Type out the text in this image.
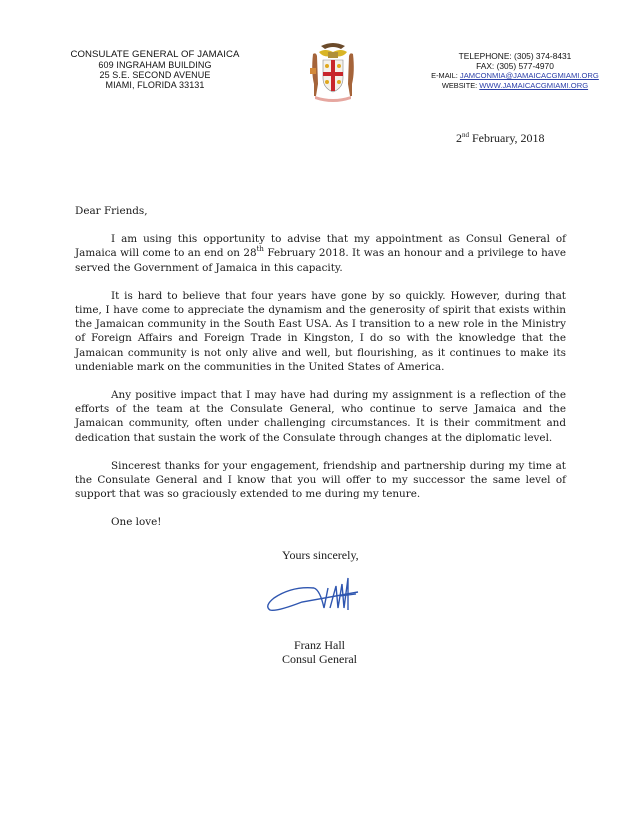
CONSULATE GENERAL OF JAMAICA
609 INGRAHAM BUILDING
25 S.E. SECOND AVENUE
MIAMI, FLORIDA 33131
TELEPHONE: (305) 374-8431
FAX: (305) 577-4970
E-MAIL: JAMCONMIA@JAMAICACGMIAMI.ORG
WEBSITE: WWW.JAMAICACGMIAMI.ORG
2nd February, 2018

Dear Friends,

I am using this opportunity to advise that my appointment as Consul General of Jamaica will come to an end on 28th February 2018. It was an honour and a privilege to have served the Government of Jamaica in this capacity.

It is hard to believe that four years have gone by so quickly. However, during that time, I have come to appreciate the dynamism and the generosity of spirit that exists within the Jamaican community in the South East USA. As I transition to a new role in the Ministry of Foreign Affairs and Foreign Trade in Kingston, I do so with the knowledge that the Jamaican community is not only alive and well, but flourishing, as it continues to make its undeniable mark on the communities in the United States of America.

Any positive impact that I may have had during my assignment is a reflection of the efforts of the team at the Consulate General, who continue to serve Jamaica and the Jamaican community, often under challenging circumstances. It is their commitment and dedication that sustain the work of the Consulate through changes at the diplomatic level.

Sincerest thanks for your engagement, friendship and partnership during my time at the Consulate General and I know that you will offer to my successor the same level of support that was so graciously extended to me during my tenure.

One love!

Yours sincerely,
Franz Hall
Consul General
